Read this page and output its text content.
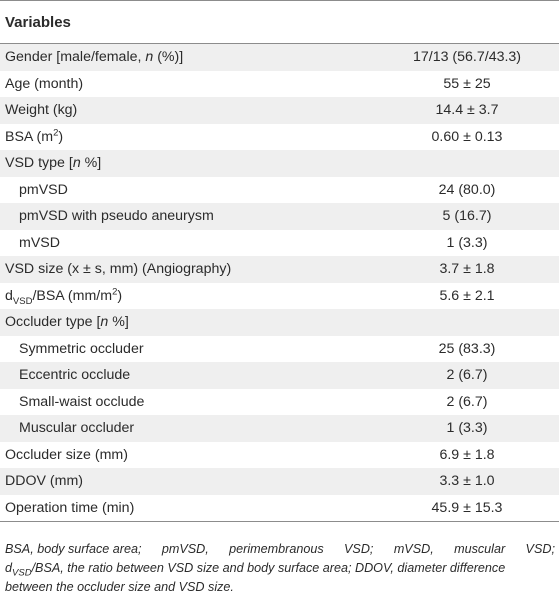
Variables
Gender [male/female, n (%)]	17/13 (56.7/43.3)
Age (month)	55 ± 25
Weight (kg)	14.4 ± 3.7
BSA $(m^2)$	0.60 ± 0.13
VSD type [n %]
pmVSD	24 (80.0)
pmVSD with pseudo aneurysm	5 (16.7)
mVSD	1 (3.3)
VSD size (x ± s, mm) (Angiography)	3.7 ± 1.8
$d_{VSD}$/BSA $(mm/m^2)$	5.6 ± 2.1
Occluder type [n %]
Symmetric occluder	25 (83.3)
Eccentric occlude	2 (6.7)
Small-waist occlude	2 (6.7)
Muscular occluder	1 (3.3)
Occluder size (mm)	6.9 ± 1.8
DDOV (mm)	3.3 ± 1.0
Operation time (min)	45.9 ± 15.3
BSA, body surface area; pmVSD, perimembranous VSD; mVSD, muscular VSD;
$d_{VSD}$/BSA, the ratio between VSD size and body surface area; DDOV, diameter difference
between the occluder size and VSD size.
